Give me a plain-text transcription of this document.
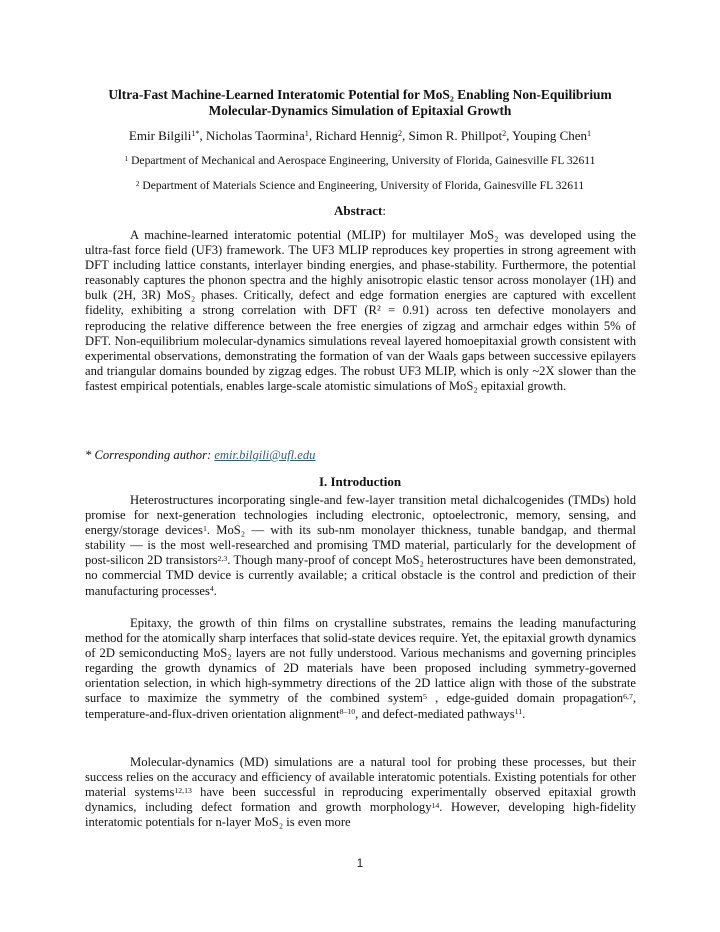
Ultra-Fast Machine-Learned Interatomic Potential for MoS₂ Enabling Non-Equilibrium
Molecular-Dynamics Simulation of Epitaxial Growth
Emir Bilgili$^{1*}$, Nicholas Taormina$^1$, Richard Hennig$^2$, Simon R. Phillpot$^2$, Youping Chen$^1$
$^1$ Department of Mechanical and Aerospace Engineering, University of Florida, Gainesville FL 32611
$^2$ Department of Materials Science and Engineering, University of Florida, Gainesville FL 32611
Abstract:

A machine-learned interatomic potential (MLIP) for multilayer MoS₂ was developed using the ultra-fast force field (UF3) framework. The UF3 MLIP reproduces key properties in strong agreement with DFT including lattice constants, interlayer binding energies, and phase-stability. Furthermore, the potential reasonably captures the phonon spectra and the highly anisotropic elastic tensor across monolayer (1H) and bulk (2H, 3R) MoS₂ phases. Critically, defect and edge formation energies are captured with excellent fidelity, exhibiting a strong correlation with DFT (R² = 0.91) across ten defective monolayers and reproducing the relative difference between the free energies of zigzag and armchair edges within 5% of DFT. Non-equilibrium molecular-dynamics simulations reveal layered homoepitaxial growth consistent with experimental observations, demonstrating the formation of van der Waals gaps between successive epilayers and triangular domains bounded by zigzag edges. The robust UF3 MLIP, which is only ~2X slower than the fastest empirical potentials, enables large-scale atomistic simulations of MoS₂ epitaxial growth.

* Corresponding author: emir.bilgili@ufl.edu
I. Introduction

Heterostructures incorporating single-and few-layer transition metal dichalcogenides (TMDs) hold promise for next-generation technologies including electronic, optoelectronic, memory, sensing, and energy/storage devices$^1$. MoS₂ — with its sub-nm monolayer thickness, tunable bandgap, and thermal stability — is the most well-researched and promising TMD material, particularly for the development of post-silicon 2D transistors$^{2,3}$. Though many-proof of concept MoS₂ heterostructures have been demonstrated, no commercial TMD device is currently available; a critical obstacle is the control and prediction of their manufacturing processes$^4$.

Epitaxy, the growth of thin films on crystalline substrates, remains the leading manufacturing method for the atomically sharp interfaces that solid-state devices require. Yet, the epitaxial growth dynamics of 2D semiconducting MoS₂ layers are not fully understood. Various mechanisms and governing principles regarding the growth dynamics of 2D materials have been proposed including symmetry-governed orientation selection, in which high-symmetry directions of the 2D lattice align with those of the substrate surface to maximize the symmetry of the combined system$^5$ , edge-guided domain propagation$^{6,7}$, temperature-and-flux-driven orientation alignment$^{8-10}$, and defect-mediated pathways$^{11}$.

Molecular-dynamics (MD) simulations are a natural tool for probing these processes, but their success relies on the accuracy and efficiency of available interatomic potentials. Existing potentials for other material systems$^{12,13}$ have been successful in reproducing experimentally observed epitaxial growth dynamics, including defect formation and growth morphology$^{14}$. However, developing high-fidelity interatomic potentials for n-layer MoS₂ is even more

1
